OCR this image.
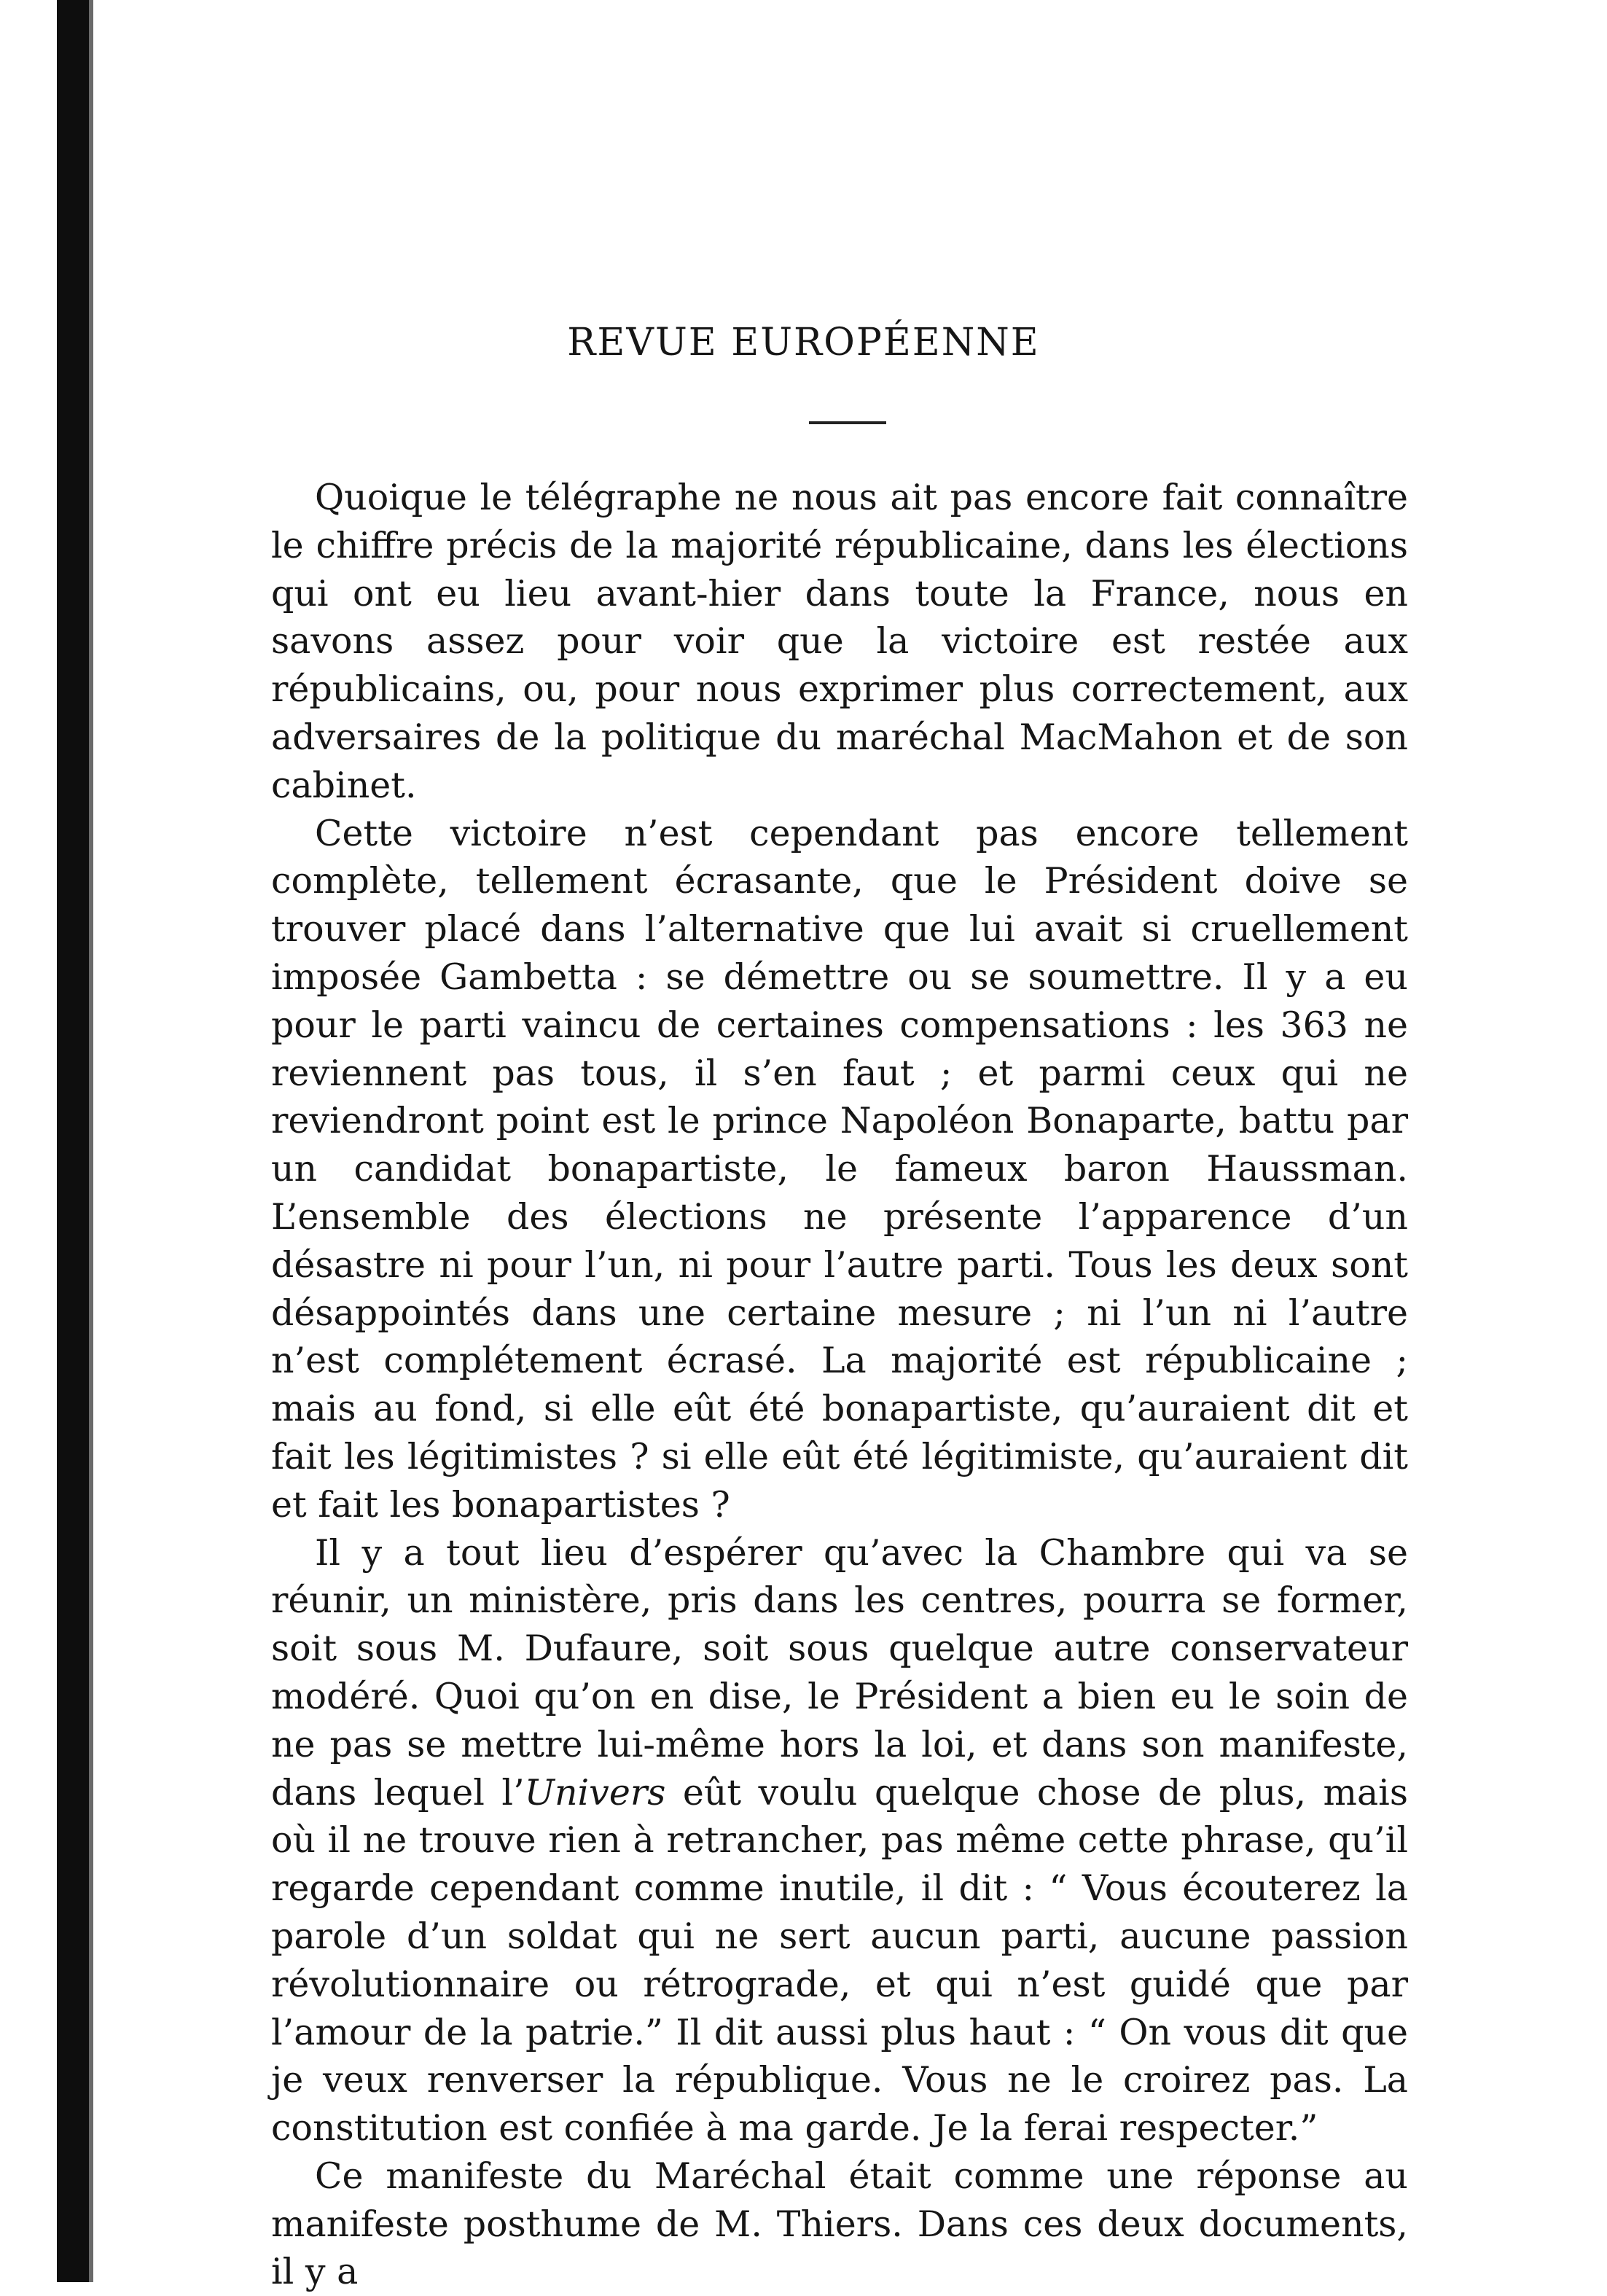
REVUE EUROPÉENNE

Quoique le télégraphe ne nous ait pas encore fait connaître le chiffre précis de la majorité républicaine, dans les élections qui ont eu lieu avant-hier dans toute la France, nous en savons assez pour voir que la victoire est restée aux républicains, ou, pour nous exprimer plus correctement, aux adversaires de la politique du maréchal MacMahon et de son cabinet.

Cette victoire n’est cependant pas encore tellement complète, tellement écrasante, que le Président doive se trouver placé dans l’alternative que lui avait si cruellement imposée Gambetta : se démettre ou se soumettre. Il y a eu pour le parti vaincu de certaines compensations : les 363 ne reviennent pas tous, il s’en faut ; et parmi ceux qui ne reviendront point est le prince Napoléon Bonaparte, battu par un candidat bonapartiste, le fameux baron Haussman. L’ensemble des élections ne présente l’apparence d’un désastre ni pour l’un, ni pour l’autre parti. Tous les deux sont désappointés dans une certaine mesure ; ni l’un ni l’autre n’est complétement écrasé. La majorité est républicaine ; mais au fond, si elle eût été bonapartiste, qu’auraient dit et fait les légitimistes ? si elle eût été légitimiste, qu’auraient dit et fait les bonapartistes ?

Il y a tout lieu d’espérer qu’avec la Chambre qui va se réunir, un ministère, pris dans les centres, pourra se former, soit sous M. Dufaure, soit sous quelque autre conservateur modéré. Quoi qu’on en dise, le Président a bien eu le soin de ne pas se mettre lui-même hors la loi, et dans son manifeste, dans lequel l’Univers eût voulu quelque chose de plus, mais où il ne trouve rien à retrancher, pas même cette phrase, qu’il regarde cependant comme inutile, il dit : “ Vous écouterez la parole d’un soldat qui ne sert aucun parti, aucune passion révolutionnaire ou rétrograde, et qui n’est guidé que par l’amour de la patrie.” Il dit aussi plus haut : “ On vous dit que je veux renverser la république. Vous ne le croirez pas. La constitution est confiée à ma garde. Je la ferai respecter.”

Ce manifeste du Maréchal était comme une réponse au manifeste posthume de M. Thiers. Dans ces deux documents, il y a
